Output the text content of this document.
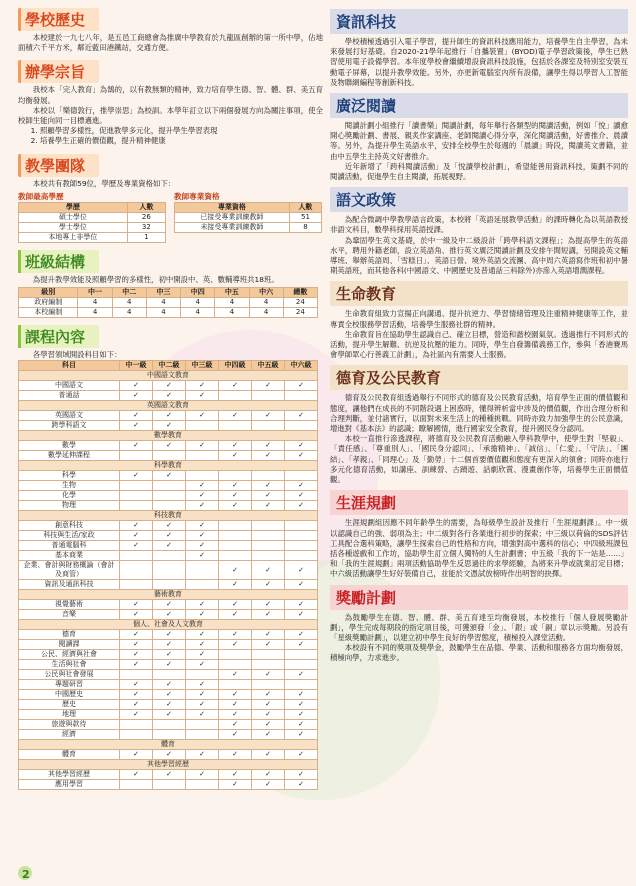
學校歷史

本校建於一九七八年，是五邑工商總會為推廣中學教育於九龍區創辦的第一所中學，佔地面積六千平方米，鄰近藍田港鐵站，交通方便。

辦學宗旨

我校本「完人教育」為鵠的，以有教無類的精神，致力培育學生德、智、體、群、美五育均衡發展。

本校以「樂德敦行，推學崇思」為校訓。本學年訂立以下兩個發展方向為關注事項，使全校師生能向同一目標邁進。

1. 照顧學習多樣性，促進教學多元化，提升學生學習表現
2. 培養學生正確的價值觀，提升精神健康
教學團隊

本校共有教師59位，學歷及專業資格如下：

教師最高學歷
學歷	人數
碩士學位	26
學士學位	32
本地專上非學位	1
教師專業資格
專業資格	人數
已接受專業訓練教師	51
未接受專業訓練教師	8
班級結構

為提升教學效能及照顧學習的多樣性，初中開設中、英、數輔導班共18班。

級別	中一	中二	中三	中四	中五	中六	總數
政府編制	4	4	4	4	4	4	24
本校編制	4	4	4	4	4	4	24
課程內容

各學習領域開設科目如下：

科目	中一級	中二級	中三級	中四級	中五級	中六級
中國語文教育						
中國語文	✓	✓	✓	✓	✓	✓
普通話	✓	✓	✓			
英國語文教育						
英國語文	✓	✓	✓	✓	✓	✓
跨學科語文	✓	✓				
數學教育						
數學	✓	✓	✓	✓	✓	✓
數學延伸課程				✓	✓	✓
科學教育						
科學	✓	✓				
生物			✓	✓	✓	✓
化學			✓	✓	✓	✓
物理			✓	✓	✓	✓
科技教育						
創意科技	✓	✓	✓			
科技與生活/家政	✓	✓	✓			
普通電腦科	✓	✓	✓			
基本商業			✓			
企業、會計與財務概論（會計及商管）				✓	✓	✓
資訊及通訊科技				✓	✓	✓
藝術教育						
視覺藝術	✓	✓	✓	✓	✓	✓
音樂	✓	✓	✓	✓	✓	✓
個人、社會及人文教育						
德育	✓	✓	✓	✓	✓	✓
閱讀課	✓	✓	✓	✓	✓	✓
公民、經濟與社會	✓	✓	✓			
生活與社會	✓	✓	✓			
公民與社會發展				✓	✓	✓
專題研習	✓	✓	✓			
中國歷史	✓	✓	✓	✓	✓	✓
歷史	✓	✓	✓	✓	✓	✓
地理	✓	✓	✓	✓	✓	✓
旅遊與款待				✓	✓	✓
經濟				✓	✓	✓
體育						
體育	✓	✓	✓	✓	✓	✓
其他學習經歷						
其他學習經歷	✓	✓	✓	✓	✓	✓
應用學習				✓	✓	✓
2
資訊科技

學校積極透過引入電子學習，提升師生的資訊科技應用能力，培養學生自主學習，為未來發展打好基礎。自2020-21學年起推行「自攜裝置」(BYOD)電子學習政策後，學生已熟習使用電子設備學習。本年度學校會繼續增設資訊科技設施，包括於各課室及特別室安裝互動電子屏幕，以提升教學效能。另外，亦更新電腦室內所有設備，讓學生得以學習人工智能及物聯網編程等創新科技。

廣泛閱讀

閱讀計劃小組推行「讀書樂」閱讀計劃，每年舉行各類型的閱讀活動，例如「悅」讀愈開心獎勵計劃、書展、親炙作家講座、老師閱讀心得分享，深化閱讀活動，好書推介、晨讀等。另外，為提升學生英語水平，安排全校學生於每週的「晨讀」時段，閱讀英文書籍，並由中五學生主持英文好書推介。

近年新增了「跨科閱讀活動」及「悅讀學校計劃」，希望能善用資訊科技，策劃不同的閱讀活動，促進學生自主閱讀，拓展視野。

語文政策

為配合微調中學教學語言政策，本校將「英語延展教學活動」的課時轉化為以英語教授非語文科目，數學科採用英語授課。

為鞏固學生英文基礎，於中一級及中二級設計「跨學科語文課程」；為提高學生的英語水平，聘用外籍老師，設立英語角、推行英文廣泛閱讀計劃及安排午間短講，另開設英文輔導班、舉辦英語周、「雪糕日」、英語日營、境外英語交流團、高中周六英語寫作班和初中暑期英語班，而其他各科(中國語文、中國歷史及普通話三科除外)亦滲入英語增潤課程。

生命教育

生命教育組致力宣揚正向講通、提升抗逆力、學習情緒管理及注重精神健康等工作，並專責全校服務學習活動，培養學生服務社群的精神。

生命教育旨在協助學生認識自己、確立目標，營造和諧校園氣氛。透過推行不同形式的活動，提升學生解難、抗逆及抗壓的能力。同時，學生自發籌備義務工作，參與「香港賽馬會學師眾心行善義工計劃」，為社區內有需要人士服務。

德育及公民教育

德育及公民教育組透過舉行不同形式的德育及公民教育活動，培育學生正面的價值觀和態度，讓他們在成長的不同階段遇上困惑時，懂得辨析當中涉及的價值觀，作出合理分析和合理判斷，並付諸實行，以面對未來生活上的種種挑戰。同時亦致力加強學生的公民意識，增進對《基本法》的認識；瞭解國情，進行國家安全教育，提升國民身分認同。

本校一直推行滲透課程，將德育及公民教育活動融入學科教學中，使學生對「堅毅」、「責任感」、「尊重別人」、「國民身分認同」、「承擔精神」、「誠信」、「仁愛」、「守法」、「團結」、「孝親」、「同理心」及「勤勞」十二個首要價值觀和態度有更深入的領會；同時亦進行多元化德育活動，如講座、訓練營、古蹟遊、話劇欣賞、漫畫創作等，培養學生正面價值觀。

生涯規劃

生涯規劃組因應不同年齡學生的需要，為每級學生設計及推行「生涯規劃課」。中一級以認識自己的強、弱項為主；中二級對各行各業進行初步的探索；中三級以荷倫的SDS評估工具配合選科策略，讓學生探索自己的性格和方向，增強對高中選科的信心；中四級班課包括各種遊戲和工作坊，協助學生訂立個人獨特的人生計劃書；中五級「我的下一站是……」和「我的生涯規劃」兩項活動協助學生反思過往的求學經驗，為將來升學或就業訂定目標；中六級活動讓學生好好裝備自己，並能於文憑試放榜時作出明智的抉擇。

獎勵計劃

為鼓勵學生在德、智、體、群、美五育達至均衡發展，本校推行「個人發展獎勵計劃」，學生完成每期段的指定項目後，可獲頒發「金」、「銀」或「銅」章以示獎勵。另設有「星級獎勵計劃」，以建立初中學生良好的學習態度，積極投入課堂活動。

本校設有不同的獎項及獎學金，鼓勵學生在品德、學業、活動和服務各方面均衡發展，積極向學，力求進步。
